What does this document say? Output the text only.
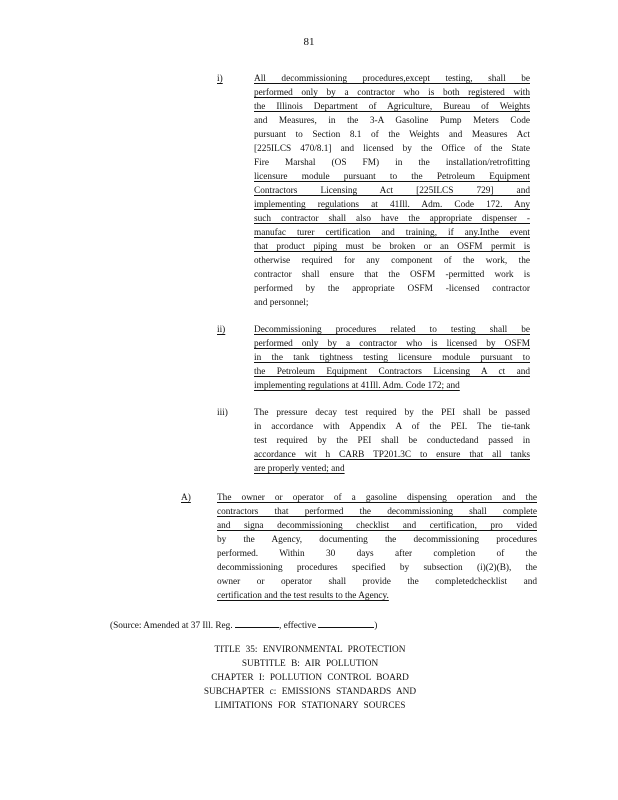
81
i)	All decommissioning procedures,except testing, shall be
performed only by a contractor who is both registered with
the Illinois Department of Agriculture, Bureau of Weights
and Measures, in the 3-A Gasoline Pump Meters Code
pursuant to Section 8.1 of the Weights and Measures Act
[225ILCS 470/8.1] and licensed by the Office of the State
Fire Marshal (OS FM) in the installation/retrofitting
licensure module pursuant to the Petroleum Equipment
Contractors Licensing Act [225ILCS 729] and
implementing regulations at 41Ill. Adm. Code 172. Any
such contractor shall also have the appropriate dispenser -
manufac turer certification and training, if any.Inthe event
that product piping must be broken or an OSFM permit is
otherwise required for any component of the work, the
contractor shall ensure that the OSFM -permitted work is
performed by the appropriate OSFM -licensed contractor
and personnel;
ii)	Decommissioning procedures related to testing shall be
performed only by a contractor who is licensed by OSFM
in the tank tightness testing licensure module pursuant to
the Petroleum Equipment Contractors Licensing A ct and
implementing regulations at 41Ill. Adm. Code 172; and
iii)	The pressure decay test required by the PEI shall be passed
in accordance with Appendix A of the PEI. The tie-tank
test required by the PEI shall be conductedand passed in
accordance wit h CARB TP201.3C to ensure that all tanks
are properly vented; and
A)	The owner or operator of a gasoline dispensing operation and the
contractors that performed the decommissioning shall complete
and signa decommissioning checklist and certification, pro vided
by the Agency, documenting the decommissioning procedures
performed. Within 30 days after completion of the
decommissioning procedures specified by subsection (i)(2)(B), the
owner or operator shall provide the completedchecklist and
certification and the test results to the Agency.
(Source: Amended at 37 Ill. Reg.	, effective	)
TITLE 35: ENVIRONMENTAL PROTECTION
SUBTITLE B: AIR POLLUTION
CHAPTER I: POLLUTION CONTROL BOARD
SUBCHAPTER c: EMISSIONS STANDARDS AND
LIMITATIONS FOR STATIONARY SOURCES
